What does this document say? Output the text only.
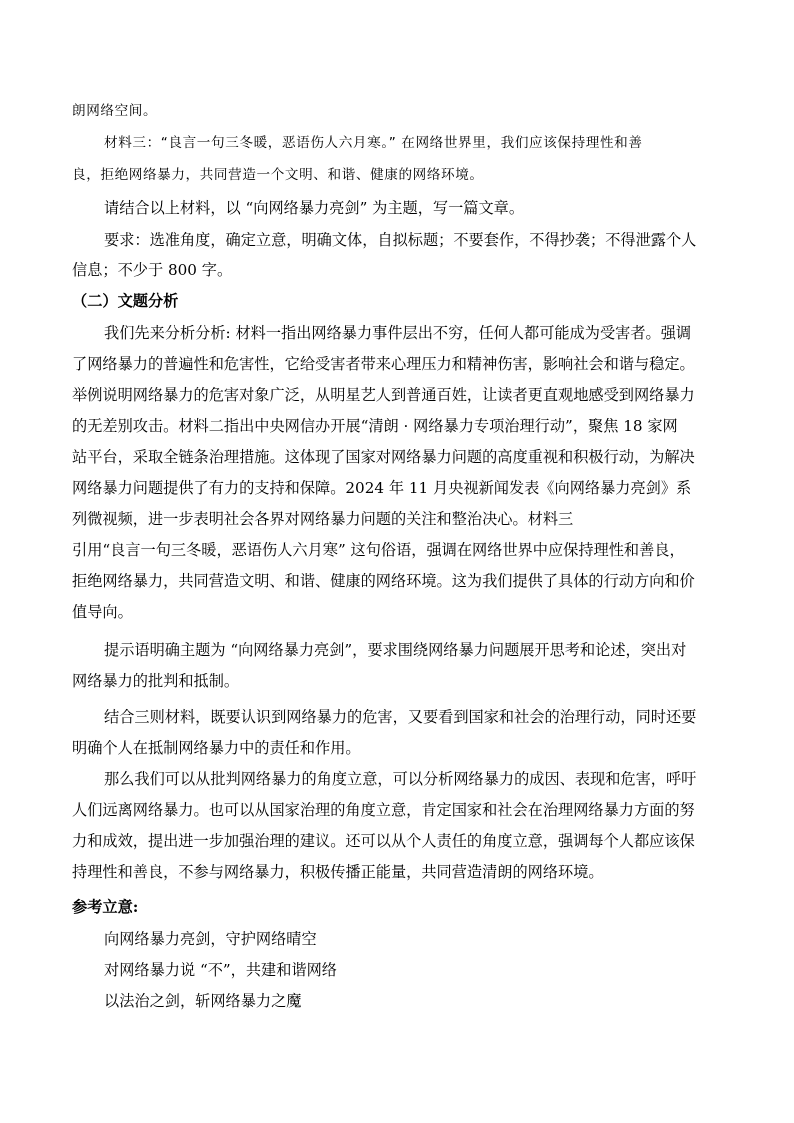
朗网络空间。
材料三：“良言一句三冬暖，恶语伤人六月寒。” 在网络世界里，我们应该保持理性和善
良，拒绝网络暴力，共同营造一个文明、和谐、健康的网络环境。
请结合以上材料，以 “向网络暴力亮剑” 为主题，写一篇文章。
要求：选准角度，确定立意，明确文体，自拟标题；不要套作，不得抄袭；不得泄露个人
信息；不少于 800 字。
（二）文题分析
我们先来分析分析: 材料一指出网络暴力事件层出不穷，任何人都可能成为受害者。强调
了网络暴力的普遍性和危害性，它给受害者带来心理压力和精神伤害，影响社会和谐与稳定。
举例说明网络暴力的危害对象广泛，从明星艺人到普通百姓，让读者更直观地感受到网络暴力
的无差别攻击。材料二指出中央网信办开展“清朗 · 网络暴力专项治理行动”，聚焦 18 家网
站平台，采取全链条治理措施。这体现了国家对网络暴力问题的高度重视和积极行动，为解决
网络暴力问题提供了有力的支持和保障。2024 年 11 月央视新闻发表《向网络暴力亮剑》系
列微视频，进一步表明社会各界对网络暴力问题的关注和整治决心。材料三
引用“良言一句三冬暖，恶语伤人六月寒” 这句俗语，强调在网络世界中应保持理性和善良，
拒绝网络暴力，共同营造文明、和谐、健康的网络环境。这为我们提供了具体的行动方向和价
值导向。
提示语明确主题为 “向网络暴力亮剑”，要求围绕网络暴力问题展开思考和论述，突出对
网络暴力的批判和抵制。
结合三则材料，既要认识到网络暴力的危害，又要看到国家和社会的治理行动，同时还要
明确个人在抵制网络暴力中的责任和作用。
那么我们可以从批判网络暴力的角度立意，可以分析网络暴力的成因、表现和危害，呼吁
人们远离网络暴力。也可以从国家治理的角度立意，肯定国家和社会在治理网络暴力方面的努
力和成效，提出进一步加强治理的建议。还可以从个人责任的角度立意，强调每个人都应该保
持理性和善良，不参与网络暴力，积极传播正能量，共同营造清朗的网络环境。
参考立意:
向网络暴力亮剑，守护网络晴空
对网络暴力说 “不”，共建和谐网络
以法治之剑，斩网络暴力之魔
